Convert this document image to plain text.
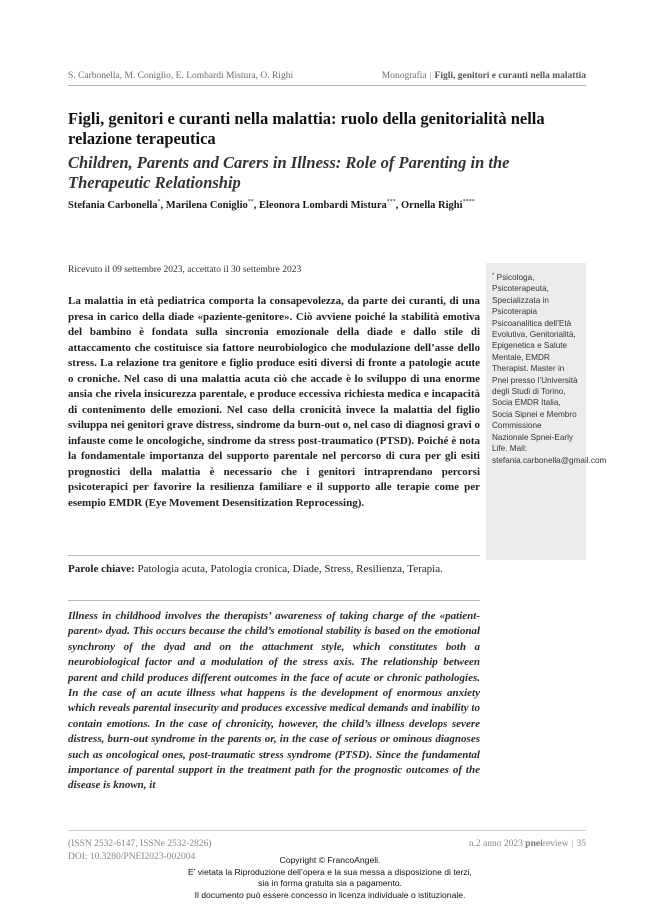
S. Carbonella, M. Coniglio, E. Lombardi Mistura, O. Righi	Monografia | Figli, genitori e curanti nella malattia
Figli, genitori e curanti nella malattia: ruolo della genitorialità nella relazione terapeutica
Children, Parents and Carers in Illness: Role of Parenting in the Therapeutic Relationship
Stefania Carbonella*, Marilena Coniglio**, Eleonora Lombardi Mistura***, Ornella Righi****
Ricevuto il 09 settembre 2023, accettato il 30 settembre 2023
* Psicologa, Psicoterapeuta, Specializzata in Psicoterapia Psicoanalitica dell’Età Evolutiva, Genitorialità, Epigenetica e Salute Mentale, EMDR Therapist. Master in Pnei presso l’Università degli Studi di Torino, Socia EMDR Italia, Socia Sipnei e Membro Commissione Nazionale Spnei-Early Life. Mail: stefania.carbonella@gmail.com
La malattia in età pediatrica comporta la consapevolezza, da parte dei curanti, di una presa in carico della diade «paziente-genitore». Ciò avviene poiché la stabilità emotiva del bambino è fondata sulla sincronia emozionale della diade e dallo stile di attaccamento che costituisce sia fattore neurobiologico che modulazione dell’asse dello stress. La relazione tra genitore e figlio produce esiti diversi di fronte a patologie acute o croniche. Nel caso di una malattia acuta ciò che accade è lo sviluppo di una enorme ansia che rivela insicurezza parentale, e produce eccessiva richiesta medica e incapacità di contenimento delle emozioni. Nel caso della cronicità invece la malattia del figlio sviluppa nei genitori grave distress, sindrome da burn-out o, nel caso di diagnosi gravi o infauste come le oncologiche, sindrome da stress post-traumatico (PTSD). Poiché è nota la fondamentale importanza del supporto parentale nel percorso di cura per gli esiti prognostici della malattia è necessario che i genitori intraprendano percorsi psicoterapici per favorire la resilienza familiare e il supporto alle terapie come per esempio EMDR (Eye Movement Desensitization Reprocessing).
Parole chiave: Patologia acuta, Patologia cronica, Diade, Stress, Resilienza, Terapia.
Illness in childhood involves the therapists’ awareness of taking charge of the «patient-parent» dyad. This occurs because the child’s emotional stability is based on the emotional synchrony of the dyad and on the attachment style, which constitutes both a neurobiological factor and a modulation of the stress axis. The relationship between parent and child produces different outcomes in the face of acute or chronic pathologies. In the case of an acute illness what happens is the development of enormous anxiety which reveals parental insecurity and produces excessive medical demands and inability to contain emotions. In the case of chronicity, however, the child’s illness develops severe distress, burn-out syndrome in the parents or, in the case of serious or ominous diagnoses such as oncological ones, post-traumatic stress syndrome (PTSD). Since the fundamental importance of parental support in the treatment path for the prognostic outcomes of the disease is known, it
(ISSN 2532-6147, ISSNe 2532-2826)
DOI: 10.3280/PNEI2023-002004
n.2 anno 2023 pneireview | 35
Copyright © FrancoAngeli.
E’ vietata la Riproduzione dell’opera e la sua messa a disposizione di terzi,
sia in forma gratuita sia a pagamento.
Il documento può essere concesso in licenza individuale o istituzionale.
